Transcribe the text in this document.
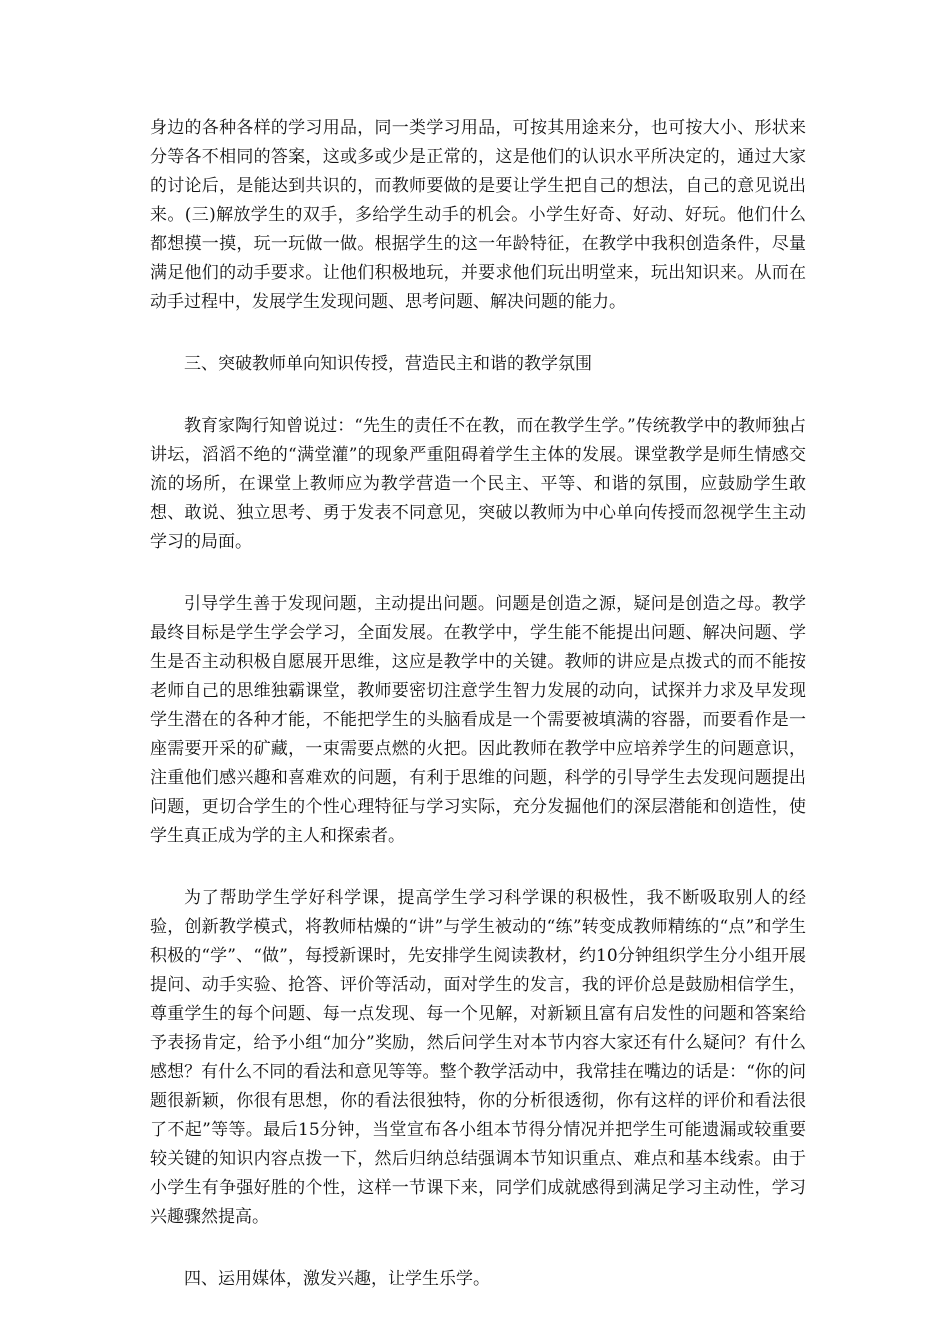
身边的各种各样的学习用品，同一类学习用品，可按其用途来分，也可按大小、形状来分等各不相同的答案，这或多或少是正常的，这是他们的认识水平所决定的，通过大家的讨论后，是能达到共识的，而教师要做的是要让学生把自己的想法，自己的意见说出来。(三)解放学生的双手，多给学生动手的机会。小学生好奇、好动、好玩。他们什么都想摸一摸，玩一玩做一做。根据学生的这一年龄特征，在教学中我积创造条件，尽量满足他们的动手要求。让他们积极地玩，并要求他们玩出明堂来，玩出知识来。从而在动手过程中，发展学生发现问题、思考问题、解决问题的能力。

三、突破教师单向知识传授，营造民主和谐的教学氛围

教育家陶行知曾说过：“先生的责任不在教，而在教学生学。”传统教学中的教师独占讲坛，滔滔不绝的“满堂灌”的现象严重阻碍着学生主体的发展。课堂教学是师生情感交流的场所，在课堂上教师应为教学营造一个民主、平等、和谐的氛围，应鼓励学生敢想、敢说、独立思考、勇于发表不同意见，突破以教师为中心单向传授而忽视学生主动学习的局面。

引导学生善于发现问题，主动提出问题。问题是创造之源，疑问是创造之母。教学最终目标是学生学会学习，全面发展。在教学中，学生能不能提出问题、解决问题、学生是否主动积极自愿展开思维，这应是教学中的关键。教师的讲应是点拨式的而不能按老师自己的思维独霸课堂，教师要密切注意学生智力发展的动向，试探并力求及早发现学生潜在的各种才能，不能把学生的头脑看成是一个需要被填满的容器，而要看作是一座需要开采的矿藏，一束需要点燃的火把。因此教师在教学中应培养学生的问题意识，注重他们感兴趣和喜难欢的问题，有利于思维的问题，科学的引导学生去发现问题提出问题，更切合学生的个性心理特征与学习实际，充分发掘他们的深层潜能和创造性，使学生真正成为学的主人和探索者。

为了帮助学生学好科学课，提高学生学习科学课的积极性，我不断吸取别人的经验，创新教学模式，将教师枯燥的“讲”与学生被动的“练”转变成教师精练的“点”和学生积极的“学”、“做”，每授新课时，先安排学生阅读教材，约10分钟组织学生分小组开展提问、动手实验、抢答、评价等活动，面对学生的发言，我的评价总是鼓励相信学生，尊重学生的每个问题、每一点发现、每一个见解，对新颖且富有启发性的问题和答案给予表扬肯定，给予小组“加分”奖励，然后问学生对本节内容大家还有什么疑问？有什么感想？有什么不同的看法和意见等等。整个教学活动中，我常挂在嘴边的话是：“你的问题很新颖，你很有思想，你的看法很独特，你的分析很透彻，你有这样的评价和看法很了不起”等等。最后15分钟，当堂宣布各小组本节得分情况并把学生可能遗漏或较重要较关键的知识内容点拨一下，然后归纳总结强调本节知识重点、难点和基本线索。由于小学生有争强好胜的个性，这样一节课下来，同学们成就感得到满足学习主动性，学习兴趣骤然提高。

四、运用媒体，激发兴趣，让学生乐学。
